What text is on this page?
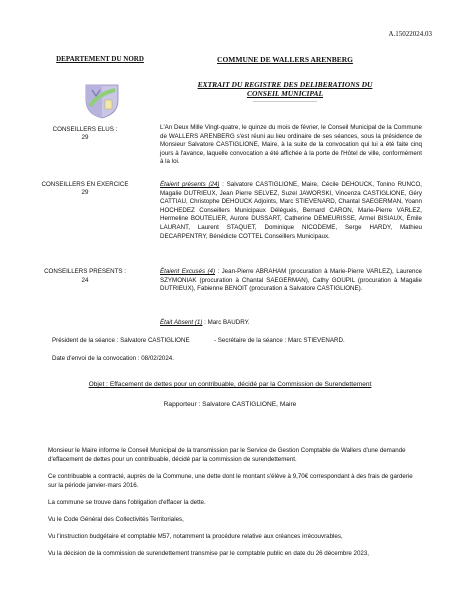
A.15022024.03
DEPARTEMENT DU NORD	COMMUNE DE WALLERS ARENBERG
EXTRAIT DU REGISTRE DES DELIBERATIONS DU CONSEIL MUNICIPAL
--------------------------------
CONSEILLERS ELUS :
29
CONSEILLERS EN EXERCICE
29
CONSEILLERS PRESENTS :
24
L'An Deux Mille Vingt-quatre, le quinze du mois de février, le Conseil Municipal de la Commune de WALLERS ARENBERG s'est réuni au lieu ordinaire de ses séances, sous la présidence de Monsieur Salvatore CASTIGLIONE, Maire, à la suite de la convocation qui lui a été faite cinq jours à l'avance, laquelle convocation a été affichée à la porte de l'Hôtel de ville, conformément à la loi.
Étaient présents (24) : Salvatore CASTIGLIONE, Maire, Cécile DEHOUCK, Tonino RUNCO, Magalie DUTRIEUX, Jean Pierre SELVEZ, Suzel JAWORSKI, Vincenza CASTIGLIONE, Géry CATTIAU, Christophe DEHOUCK Adjoints, Marc STIEVENARD, Chantal SAEGERMAN, Yoann HOCHEDEZ Conseillers Municipaux Délégués, Bernard CARON, Marie-Pierre VARLEZ, Hermeline BOUTELIER, Aurore DUSSART, Catherine DEMEURISSE, Armel BISIAUX, Émile LAURANT, Laurent STAQUET, Dominique NICODEME, Serge HARDY, Mathieu DECARPENTRY, Bénédicte COTTEL Conseillers Municipaux.
Étaient Excusés (4) : Jean-Pierre ABRAHAM (procuration à Marie-Pierre VARLEZ), Laurence SZYMONIAK (procuration à Chantal SAEGERMAN), Cathy GOUPIL (procuration à Magalie DUTRIEUX), Fabienne BENOIT (procuration à Salvatore CASTIGLIONE).
Était Absent (1) : Marc BAUDRY.
Président de la séance : Salvatore CASTIGLIONE	- Secrétaire de la séance : Marc STIEVENARD.
Date d'envoi de la convocation : 08/02/2024.
Objet : Effacement de dettes pour un contribuable, décidé par la Commission de Surendettement
Rapporteur : Salvatore CASTIGLIONE, Maire
Monsieur le Maire informe le Conseil Municipal de la transmission par le Service de Gestion Comptable de Wallers d'une demande d'effacement de dettes pour un contribuable, décidé par la commission de surendettement.
Ce contribuable a contracté, auprès de la Commune, une dette dont le montant s'élève à 9,70€ correspondant à des frais de garderie sur la période janvier-mars 2016.
La commune se trouve dans l'obligation d'effacer la dette.
Vu le Code Général des Collectivités Territoriales,
Vu l'instruction budgétaire et comptable M57, notamment la procédure relative aux créances irrécouvrables,
Vu la décision de la commission de surendettement transmise par le comptable public en date du 26 décembre 2023,
